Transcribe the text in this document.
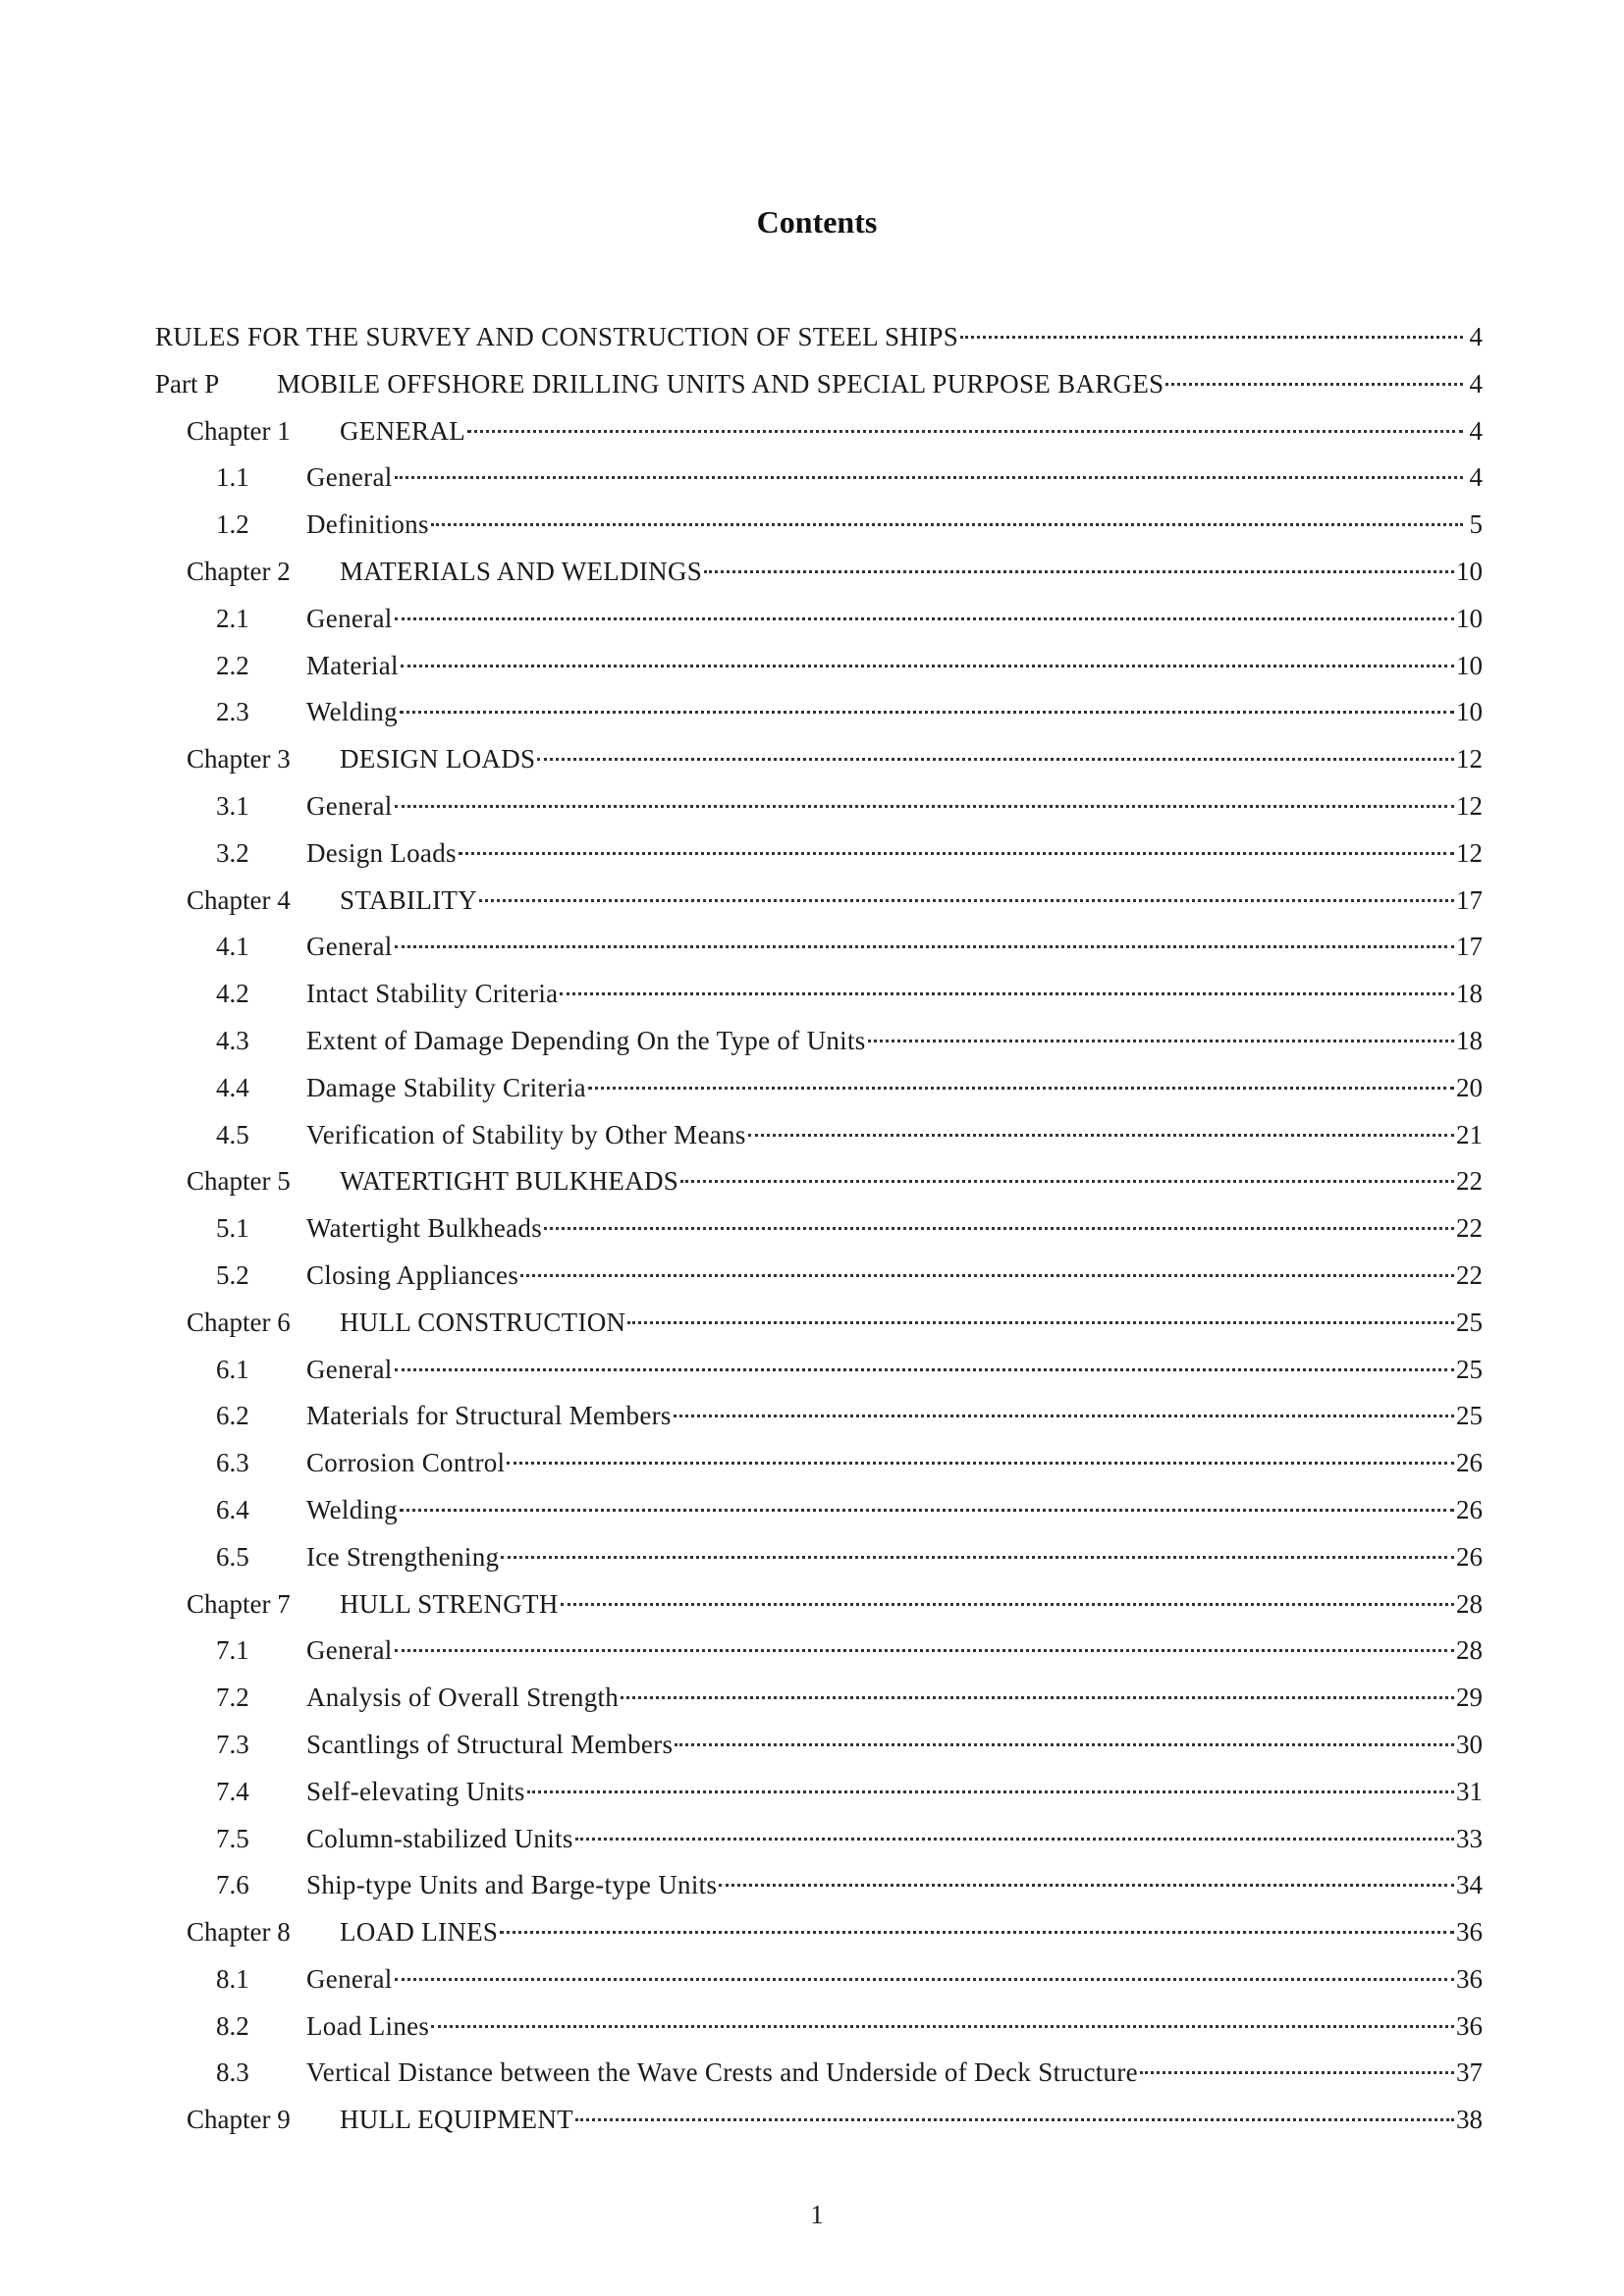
Contents
RULES FOR THE SURVEY AND CONSTRUCTION OF STEEL SHIPS	4
Part P	MOBILE OFFSHORE DRILLING UNITS AND SPECIAL PURPOSE BARGES	4
Chapter 1	GENERAL	4
1.1	General	4
1.2	Definitions	5
Chapter 2	MATERIALS AND WELDINGS	10
2.1	General	10
2.2	Material	10
2.3	Welding	10
Chapter 3	DESIGN LOADS	12
3.1	General	12
3.2	Design Loads	12
Chapter 4	STABILITY	17
4.1	General	17
4.2	Intact Stability Criteria	18
4.3	Extent of Damage Depending On the Type of Units	18
4.4	Damage Stability Criteria	20
4.5	Verification of Stability by Other Means	21
Chapter 5	WATERTIGHT BULKHEADS	22
5.1	Watertight Bulkheads	22
5.2	Closing Appliances	22
Chapter 6	HULL CONSTRUCTION	25
6.1	General	25
6.2	Materials for Structural Members	25
6.3	Corrosion Control	26
6.4	Welding	26
6.5	Ice Strengthening	26
Chapter 7	HULL STRENGTH	28
7.1	General	28
7.2	Analysis of Overall Strength	29
7.3	Scantlings of Structural Members	30
7.4	Self-elevating Units	31
7.5	Column-stabilized Units	33
7.6	Ship-type Units and Barge-type Units	34
Chapter 8	LOAD LINES	36
8.1	General	36
8.2	Load Lines	36
8.3	Vertical Distance between the Wave Crests and Underside of Deck Structure	37
Chapter 9	HULL EQUIPMENT	38
1
